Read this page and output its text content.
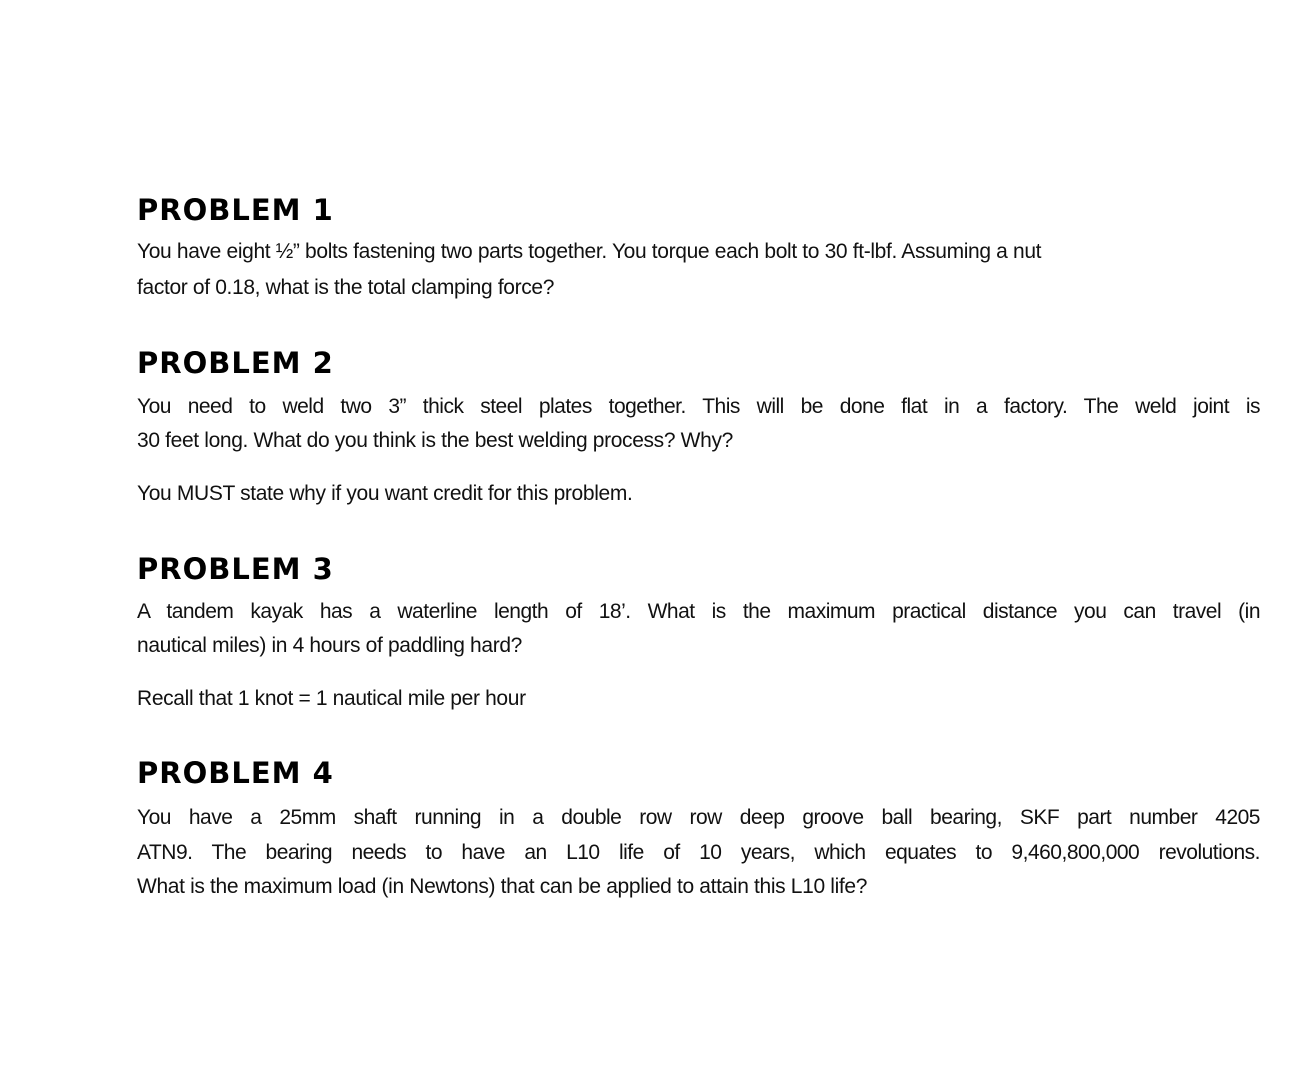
PROBLEM 1
You have eight ½” bolts fastening two parts together. You torque each bolt to 30 ft-lbf. Assuming a nut
factor of 0.18, what is the total clamping force?
PROBLEM 2
You need to weld two 3” thick steel plates together. This will be done flat in a factory. The weld joint is
30 feet long. What do you think is the best welding process? Why?
You MUST state why if you want credit for this problem.
PROBLEM 3
A tandem kayak has a waterline length of 18’. What is the maximum practical distance you can travel (in
nautical miles) in 4 hours of paddling hard?
Recall that 1 knot = 1 nautical mile per hour
PROBLEM 4
You have a 25mm shaft running in a double row row deep groove ball bearing, SKF part number 4205
ATN9. The bearing needs to have an L10 life of 10 years, which equates to 9,460,800,000 revolutions.
What is the maximum load (in Newtons) that can be applied to attain this L10 life?
